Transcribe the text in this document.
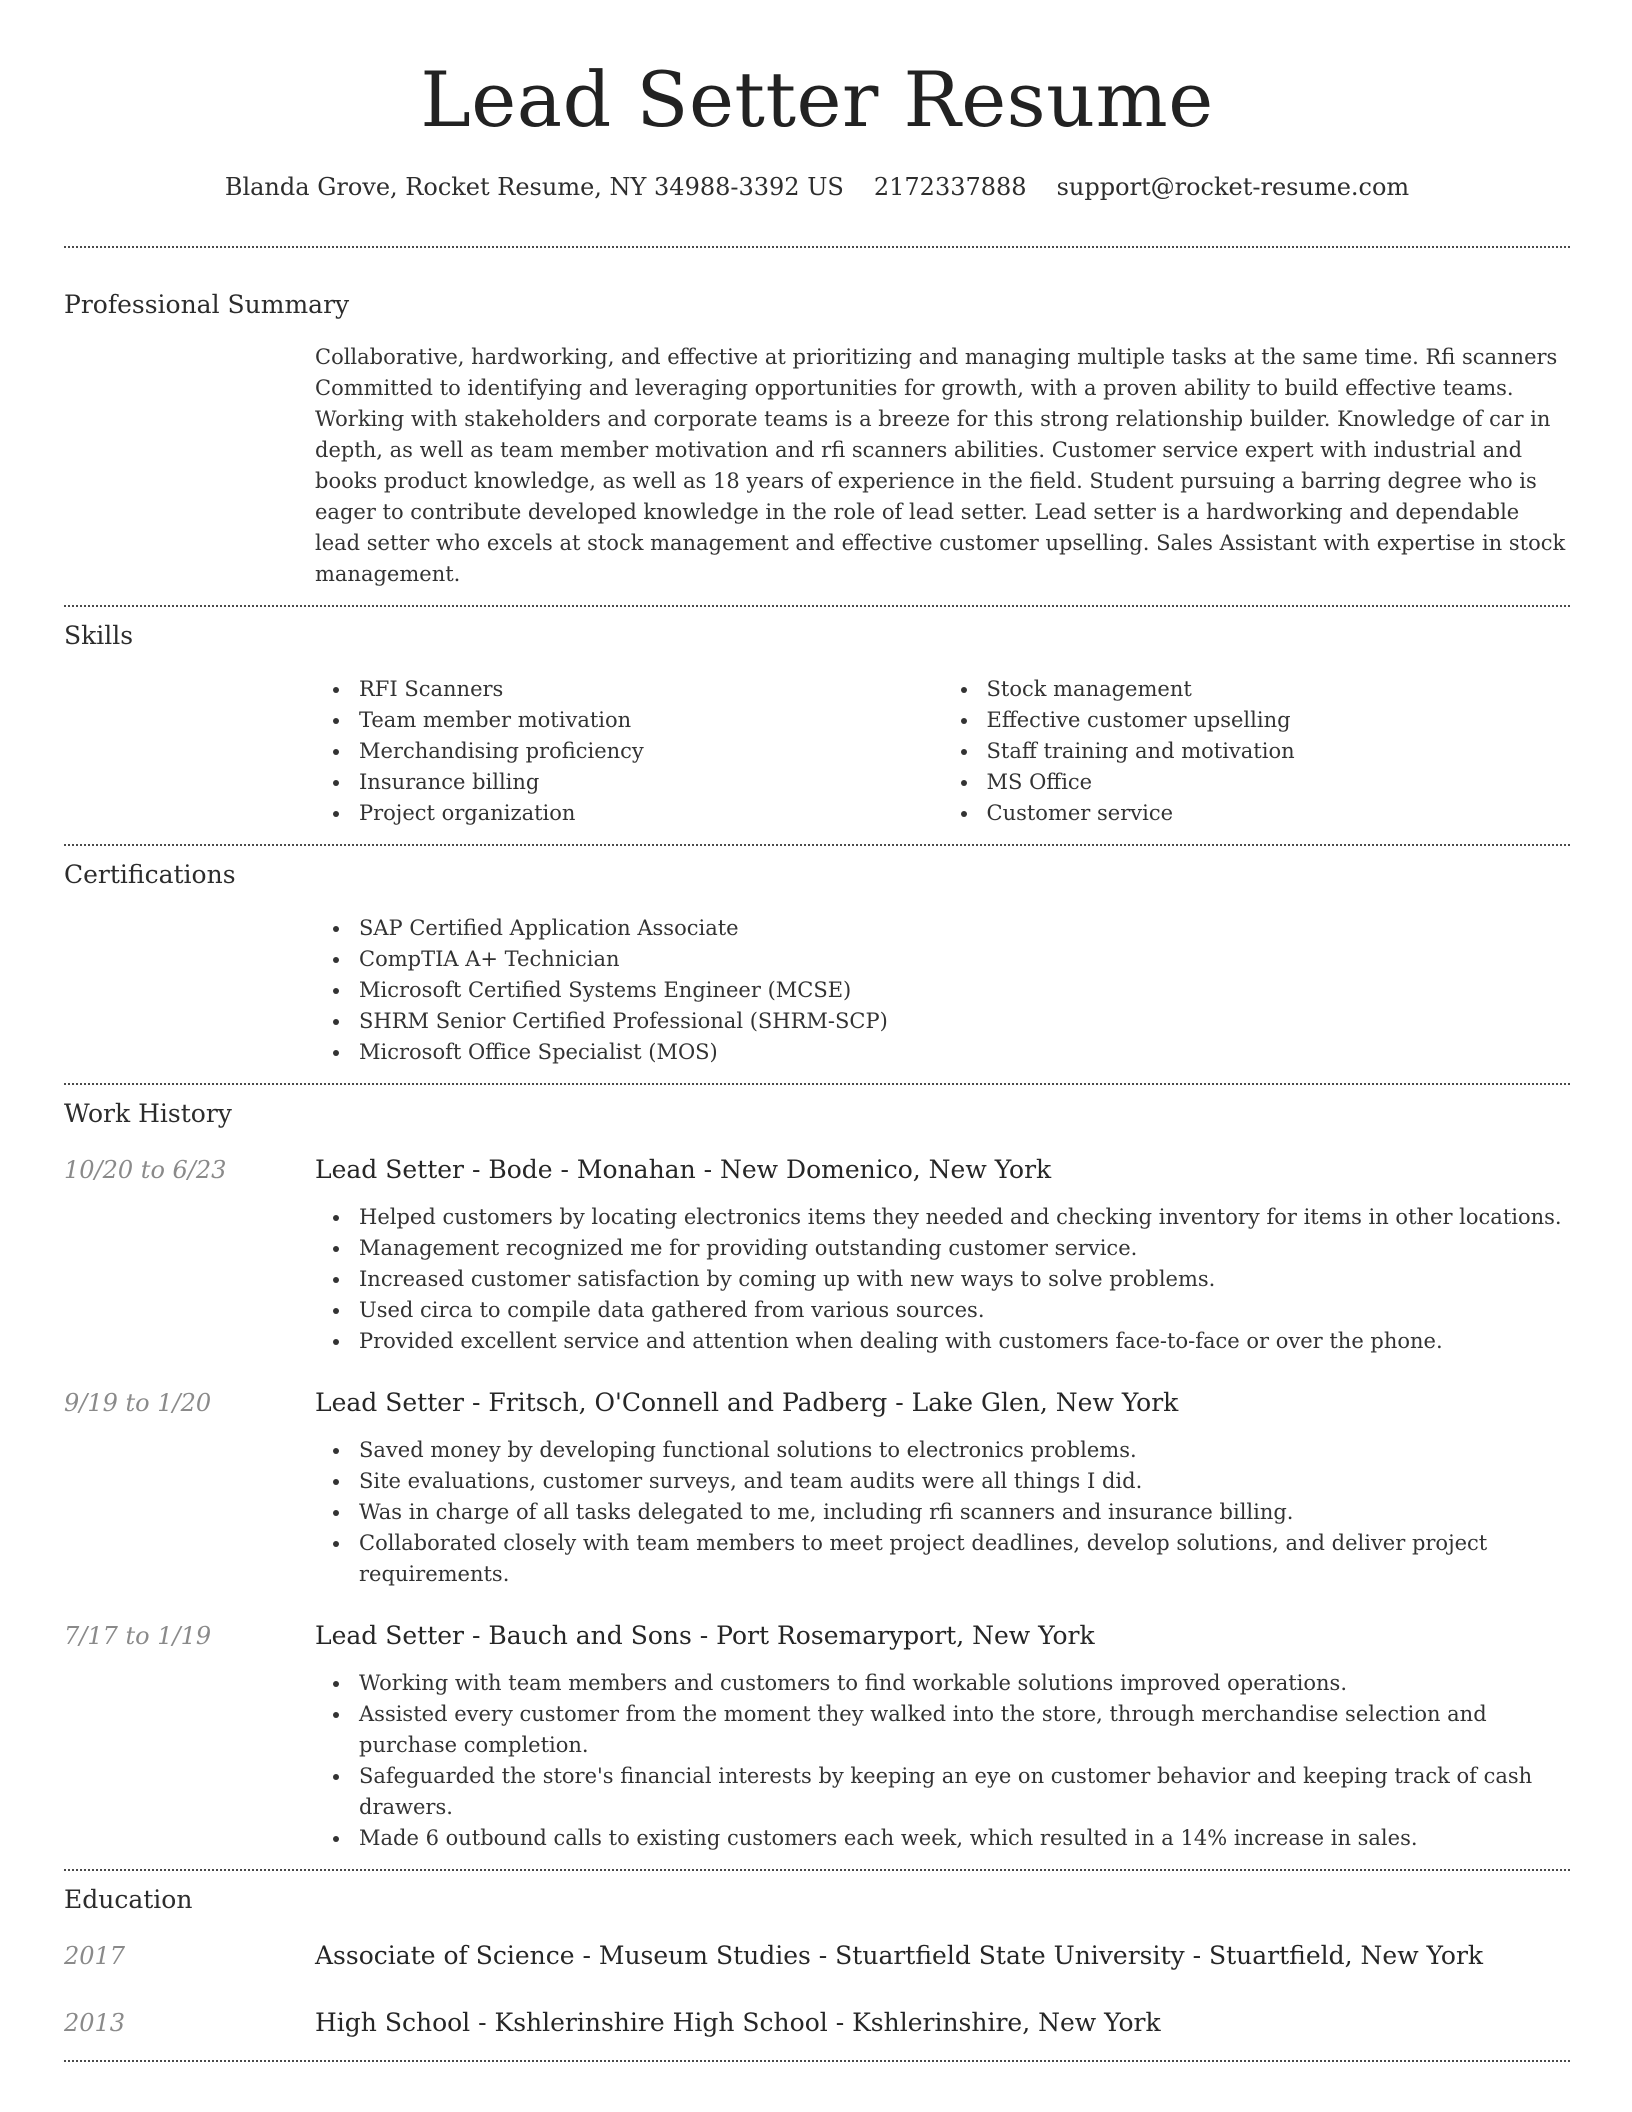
Lead Setter Resume
Blanda Grove, Rocket Resume, NY 34988-3392 US 2172337888 support@rocket-resume.com
Professional Summary

Collaborative, hardworking, and effective at prioritizing and managing multiple tasks at the same time. Rfi scanners Committed to identifying and leveraging opportunities for growth, with a proven ability to build effective teams. Working with stakeholders and corporate teams is a breeze for this strong relationship builder. Knowledge of car in depth, as well as team member motivation and rfi scanners abilities. Customer service expert with industrial and books product knowledge, as well as 18 years of experience in the field. Student pursuing a barring degree who is eager to contribute developed knowledge in the role of lead setter. Lead setter is a hardworking and dependable lead setter who excels at stock management and effective customer upselling. Sales Assistant with expertise in stock management.

Skills
RFI Scanners
Team member motivation
Merchandising proficiency
Insurance billing
Project organization
Stock management
Effective customer upselling
Staff training and motivation
MS Office
Customer service
Certifications
SAP Certified Application Associate
CompTIA A+ Technician
Microsoft Certified Systems Engineer (MCSE)
SHRM Senior Certified Professional (SHRM-SCP)
Microsoft Office Specialist (MOS)
Work History
10/20 to 6/23	Lead Setter - Bode - Monahan - New Domenico, New York
Helped customers by locating electronics items they needed and checking inventory for items in other locations.
Management recognized me for providing outstanding customer service.
Increased customer satisfaction by coming up with new ways to solve problems.
Used circa to compile data gathered from various sources.
Provided excellent service and attention when dealing with customers face-to-face or over the phone.
9/19 to 1/20	Lead Setter - Fritsch, O'Connell and Padberg - Lake Glen, New York
Saved money by developing functional solutions to electronics problems.
Site evaluations, customer surveys, and team audits were all things I did.
Was in charge of all tasks delegated to me, including rfi scanners and insurance billing.
Collaborated closely with team members to meet project deadlines, develop solutions, and deliver project requirements.
7/17 to 1/19	Lead Setter - Bauch and Sons - Port Rosemaryport, New York
Working with team members and customers to find workable solutions improved operations.
Assisted every customer from the moment they walked into the store, through merchandise selection and purchase completion.
Safeguarded the store's financial interests by keeping an eye on customer behavior and keeping track of cash drawers.
Made 6 outbound calls to existing customers each week, which resulted in a 14% increase in sales.
Education
2017	Associate of Science - Museum Studies - Stuartfield State University - Stuartfield, New York
2013	High School - Kshlerinshire High School - Kshlerinshire, New York
